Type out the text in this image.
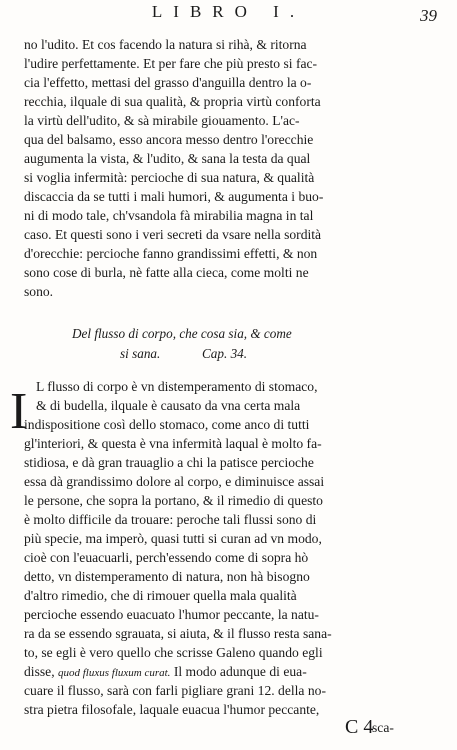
LIBRO I.	39
no l'udito. Et cos facendo la natura si rihà, & ritorna
l'udire perfettamente. Et per fare che più presto si fac-
cia l'effetto, mettasi del grasso d'anguilla dentro la o-
recchia, ilquale di sua qualità, & propria virtù conforta
la virtù dell'udito, & sà mirabile giouamento. L'ac-
qua del balsamo, esso ancora messo dentro l'orecchie
augumenta la vista, & l'udito, & sana la testa da qual
si voglia infermità: percioche di sua natura, & qualità
discaccia da se tutti i mali humori, & augumenta i buo-
ni di modo tale, ch'vsandola fà mirabilia magna in tal
caso. Et questi sono i veri secreti da vsare nella sordità
d'orecchie: percioche fanno grandissimi effetti, & non
sono cose di burla, nè fatte alla cieca, come molti ne
sono.
Del flusso di corpo, che cosa sia, & come
si sana.	Cap. 34.
I L flusso di corpo è vn distemperamento di stomaco,
& di budella, ilquale è causato da vna certa mala
indispositione così dello stomaco, come anco di tutti
gl'interiori, & questa è vna infermità laqual è molto fa-
stidiosa, e dà gran trauaglio a chi la patisce percioche
essa dà grandissimo dolore al corpo, e diminuisce assai
le persone, che sopra la portano, & il rimedio di questo
è molto difficile da trouare: peroche tali flussi sono di
più specie, ma imperò, quasi tutti si curan ad vn modo,
cioè con l'euacuarli, perch'essendo come di sopra hò
detto, vn distemperamento di natura, non hà bisogno
d'altro rimedio, che di rimouer quella mala qualità
percioche essendo euacuato l'humor peccante, la natu-
ra da se essendo sgrauata, si aiuta, & il flusso resta sana-
to, se egli è vero quello che scrisse Galeno quando egli
disse, quod fluxus fluxum curat. Il modo adunque di eua-
cuare il flusso, sarà con farli pigliare grani 12. della no-
stra pietra filosofale, laquale euacua l'humor peccante,
C 4
sca-
